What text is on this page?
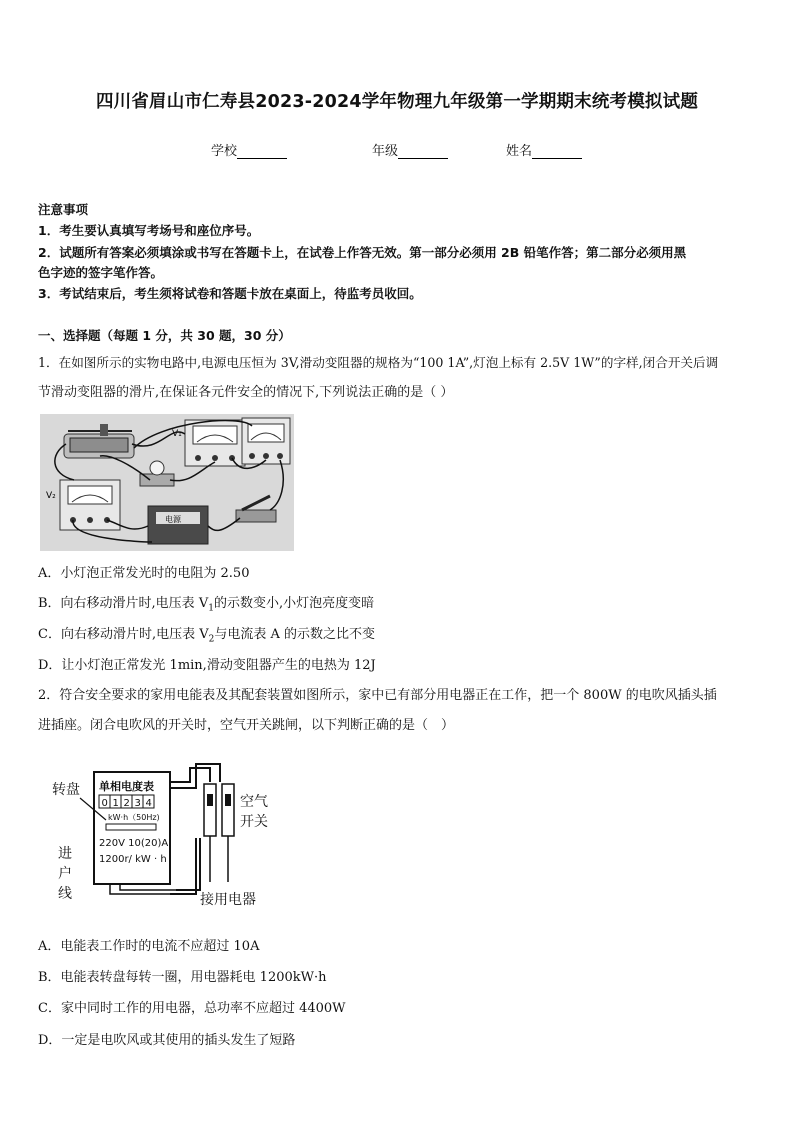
四川省眉山市仁寿县2023-2024学年物理九年级第一学期期末统考模拟试题
学校	年级	姓名
注意事项
1．考生要认真填写考场号和座位序号。
2．试题所有答案必须填涂或书写在答题卡上，在试卷上作答无效。第一部分必须用 2B 铅笔作答；第二部分必须用黑
色字迹的签字笔作答。
3．考试结束后，考生须将试卷和答题卡放在桌面上，待监考员收回。
一、选择题（每题 1 分，共 30 题，30 分）
1．在如图所示的实物电路中,电源电压恒为 3V,滑动变阻器的规格为“100 1A”,灯泡上标有 2.5V 1W”的字样,闭合开关后调
节滑动变阻器的滑片,在保证各元件安全的情况下,下列说法正确的是（ ）
V₁
V₂
电源
A．小灯泡正常发光时的电阻为 2.50
B．向右移动滑片时,电压表 $V_1$的示数变小,小灯泡亮度变暗
C．向右移动滑片时,电压表 $V_2$与电流表 A 的示数之比不变
D．让小灯泡正常发光 1min,滑动变阻器产生的电热为 12J
2．符合安全要求的家用电能表及其配套装置如图所示，家中已有部分用电器正在工作，把一个 800W 的电吹风插头插
进插座。闭合电吹风的开关时，空气开关跳闸，以下判断正确的是（　）
转盘 单相电度表
0 1 2 3 4
kW·h（50Hz)
220V 10(20)A
1200r/ kW · h
进
户
线
空气
开关
接用电器
A．电能表工作时的电流不应超过 10A
B．电能表转盘每转一圈，用电器耗电 1200kW·h
C．家中同时工作的用电器，总功率不应超过 4400W
D．一定是电吹风或其使用的插头发生了短路
